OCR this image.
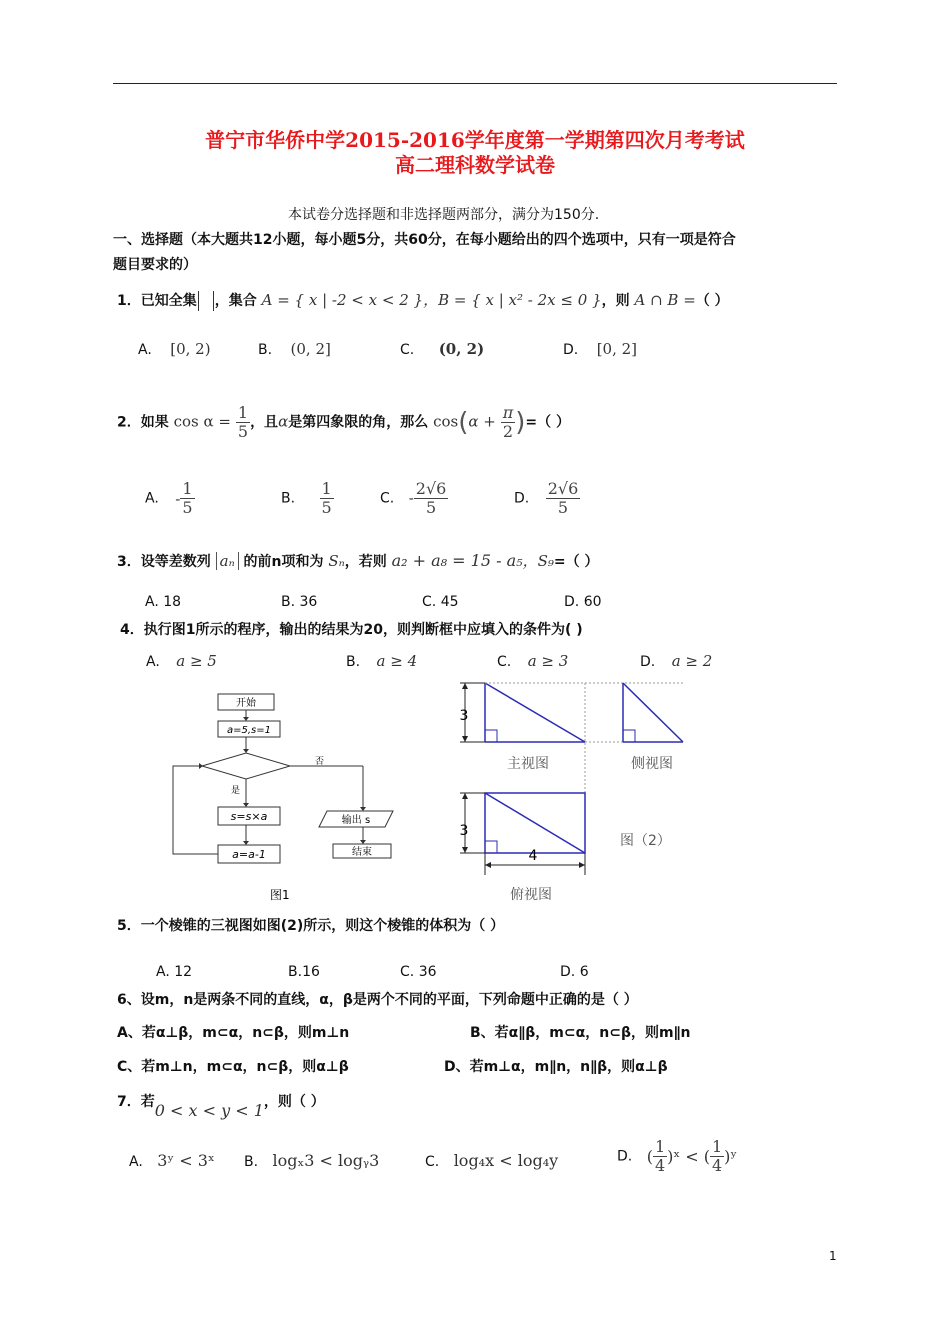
普宁市华侨中学2015-2016学年度第一学期第四次月考考试
高二理科数学试卷
本试卷分选择题和非选择题两部分，满分为150分.
一、选择题（本大题共12小题，每小题5分，共60分，在每小题给出的四个选项中，只有一项是符合
题目要求的）
1．已知全集 ，集合 A = { x | -2 < x < 2 }，B = { x | x² - 2x ≤ 0 }，则 A ∩ B =（ ）
A. [0, 2)	B. (0, 2]	C. (0, 2)	D. [0, 2]
2．如果 $\cos \alpha = \frac{1}{5}$ ，且α是第四象限的角，那么 $\cos(\alpha + \frac{\pi}{2}$ )=（ ）
A. - $\frac{1}{5}$	B. $\frac{1}{5}$	C. - $\frac{2√6}{5}$	D. $\frac{2√6}{5}$
3．设等差数列 aₙ 的前n项和为 Sₙ，若则 a₂ + a₈ = 15 - a₅，S₉=（ ）
A. 18	B. 36	C. 45	D. 60
4．执行图1所示的程序，输出的结果为20，则判断框中应填入的条件为( )
A. a ≥ 5	B. a ≥ 4	C. a ≥ 3	D. a ≥ 2
开始
a=5,s=1
否
是
s=s×a
a=a-1
输出 s
结束
图1
3
主视图	侧视图
3
4
俯视图
图（2）
5．一个棱锥的三视图如图(2)所示，则这个棱锥的体积为（ ）
A. 12	B.16	C. 36	D. 6
6、设m，n是两条不同的直线，α，β是两个不同的平面，下列命题中正确的是（ ）
A、若α⊥β，m⊂α，n⊂β，则m⊥n	B、若α∥β，m⊂α，n⊂β，则m∥n
C、若m⊥n，m⊂α，n⊂β，则α⊥β	D、若m⊥α，m∥n，n∥β，则α⊥β
7．若0 < x < y < 1，则（ ）
A. 3ʸ < 3ˣ B. logₓ3 < logᵧ3	C. log₄x < log₄y	D. ( $\frac{1}{4}$ )ˣ < ( $\frac{1}{4}$ )ʸ
1
